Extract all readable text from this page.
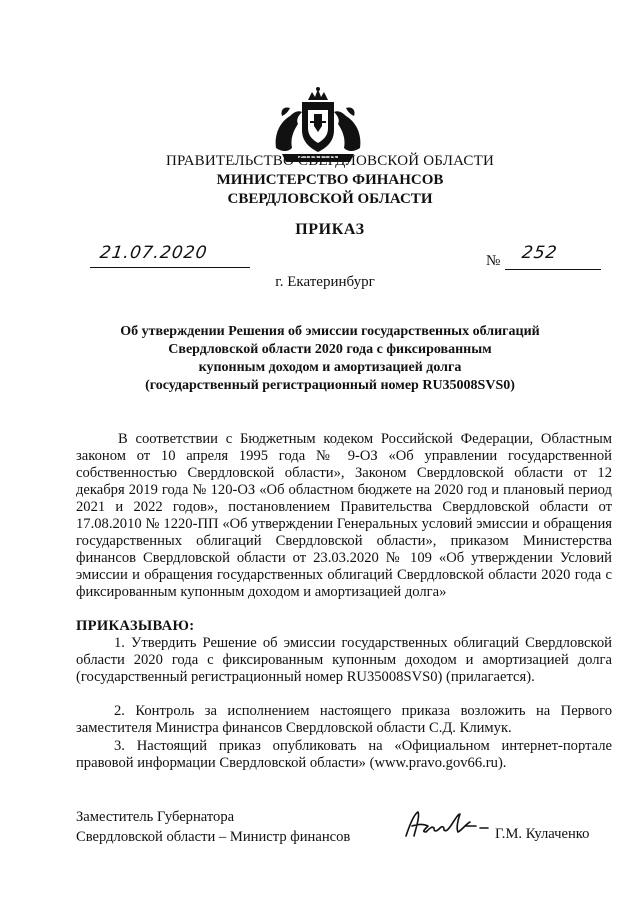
ПРАВИТЕЛЬСТВО СВЕРДЛОВСКОЙ ОБЛАСТИ
МИНИСТЕРСТВО ФИНАНСОВ
СВЕРДЛОВСКОЙ ОБЛАСТИ
ПРИКАЗ
21.07.2020	№ 252
г. Екатеринбург
Об утверждении Решения об эмиссии государственных облигаций
Свердловской области 2020 года с фиксированным
купонным доходом и амортизацией долга
(государственный регистрационный номер RU35008SVS0)
В соответствии с Бюджетным кодеком Российской Федерации, Областным законом от 10 апреля 1995 года № 9-ОЗ «Об управлении государственной собственностью Свердловской области», Законом Свердловской области от 12 декабря 2019 года № 120-ОЗ «Об областном бюджете на 2020 год и плановый период 2021 и 2022 годов», постановлением Правительства Свердловской области от 17.08.2010 № 1220-ПП «Об утверждении Генеральных условий эмиссии и обращения государственных облигаций Свердловской области», приказом Министерства финансов Свердловской области от 23.03.2020 № 109 «Об утверждении Условий эмиссии и обращения государственных облигаций Свердловской области 2020 года с фиксированным купонным доходом и амортизацией долга»
ПРИКАЗЫВАЮ:
1. Утвердить Решение об эмиссии государственных облигаций Свердловской области 2020 года с фиксированным купонным доходом и амортизацией долга (государственный регистрационный номер RU35008SVS0) (прилагается).
2. Контроль за исполнением настоящего приказа возложить на Первого заместителя Министра финансов Свердловской области С.Д. Климук.
3. Настоящий приказ опубликовать на «Официальном интернет-портале правовой информации Свердловской области» (www.pravo.gov66.ru).
Заместитель Губернатора
Свердловской области – Министр финансов	Г.М. Кулаченко
